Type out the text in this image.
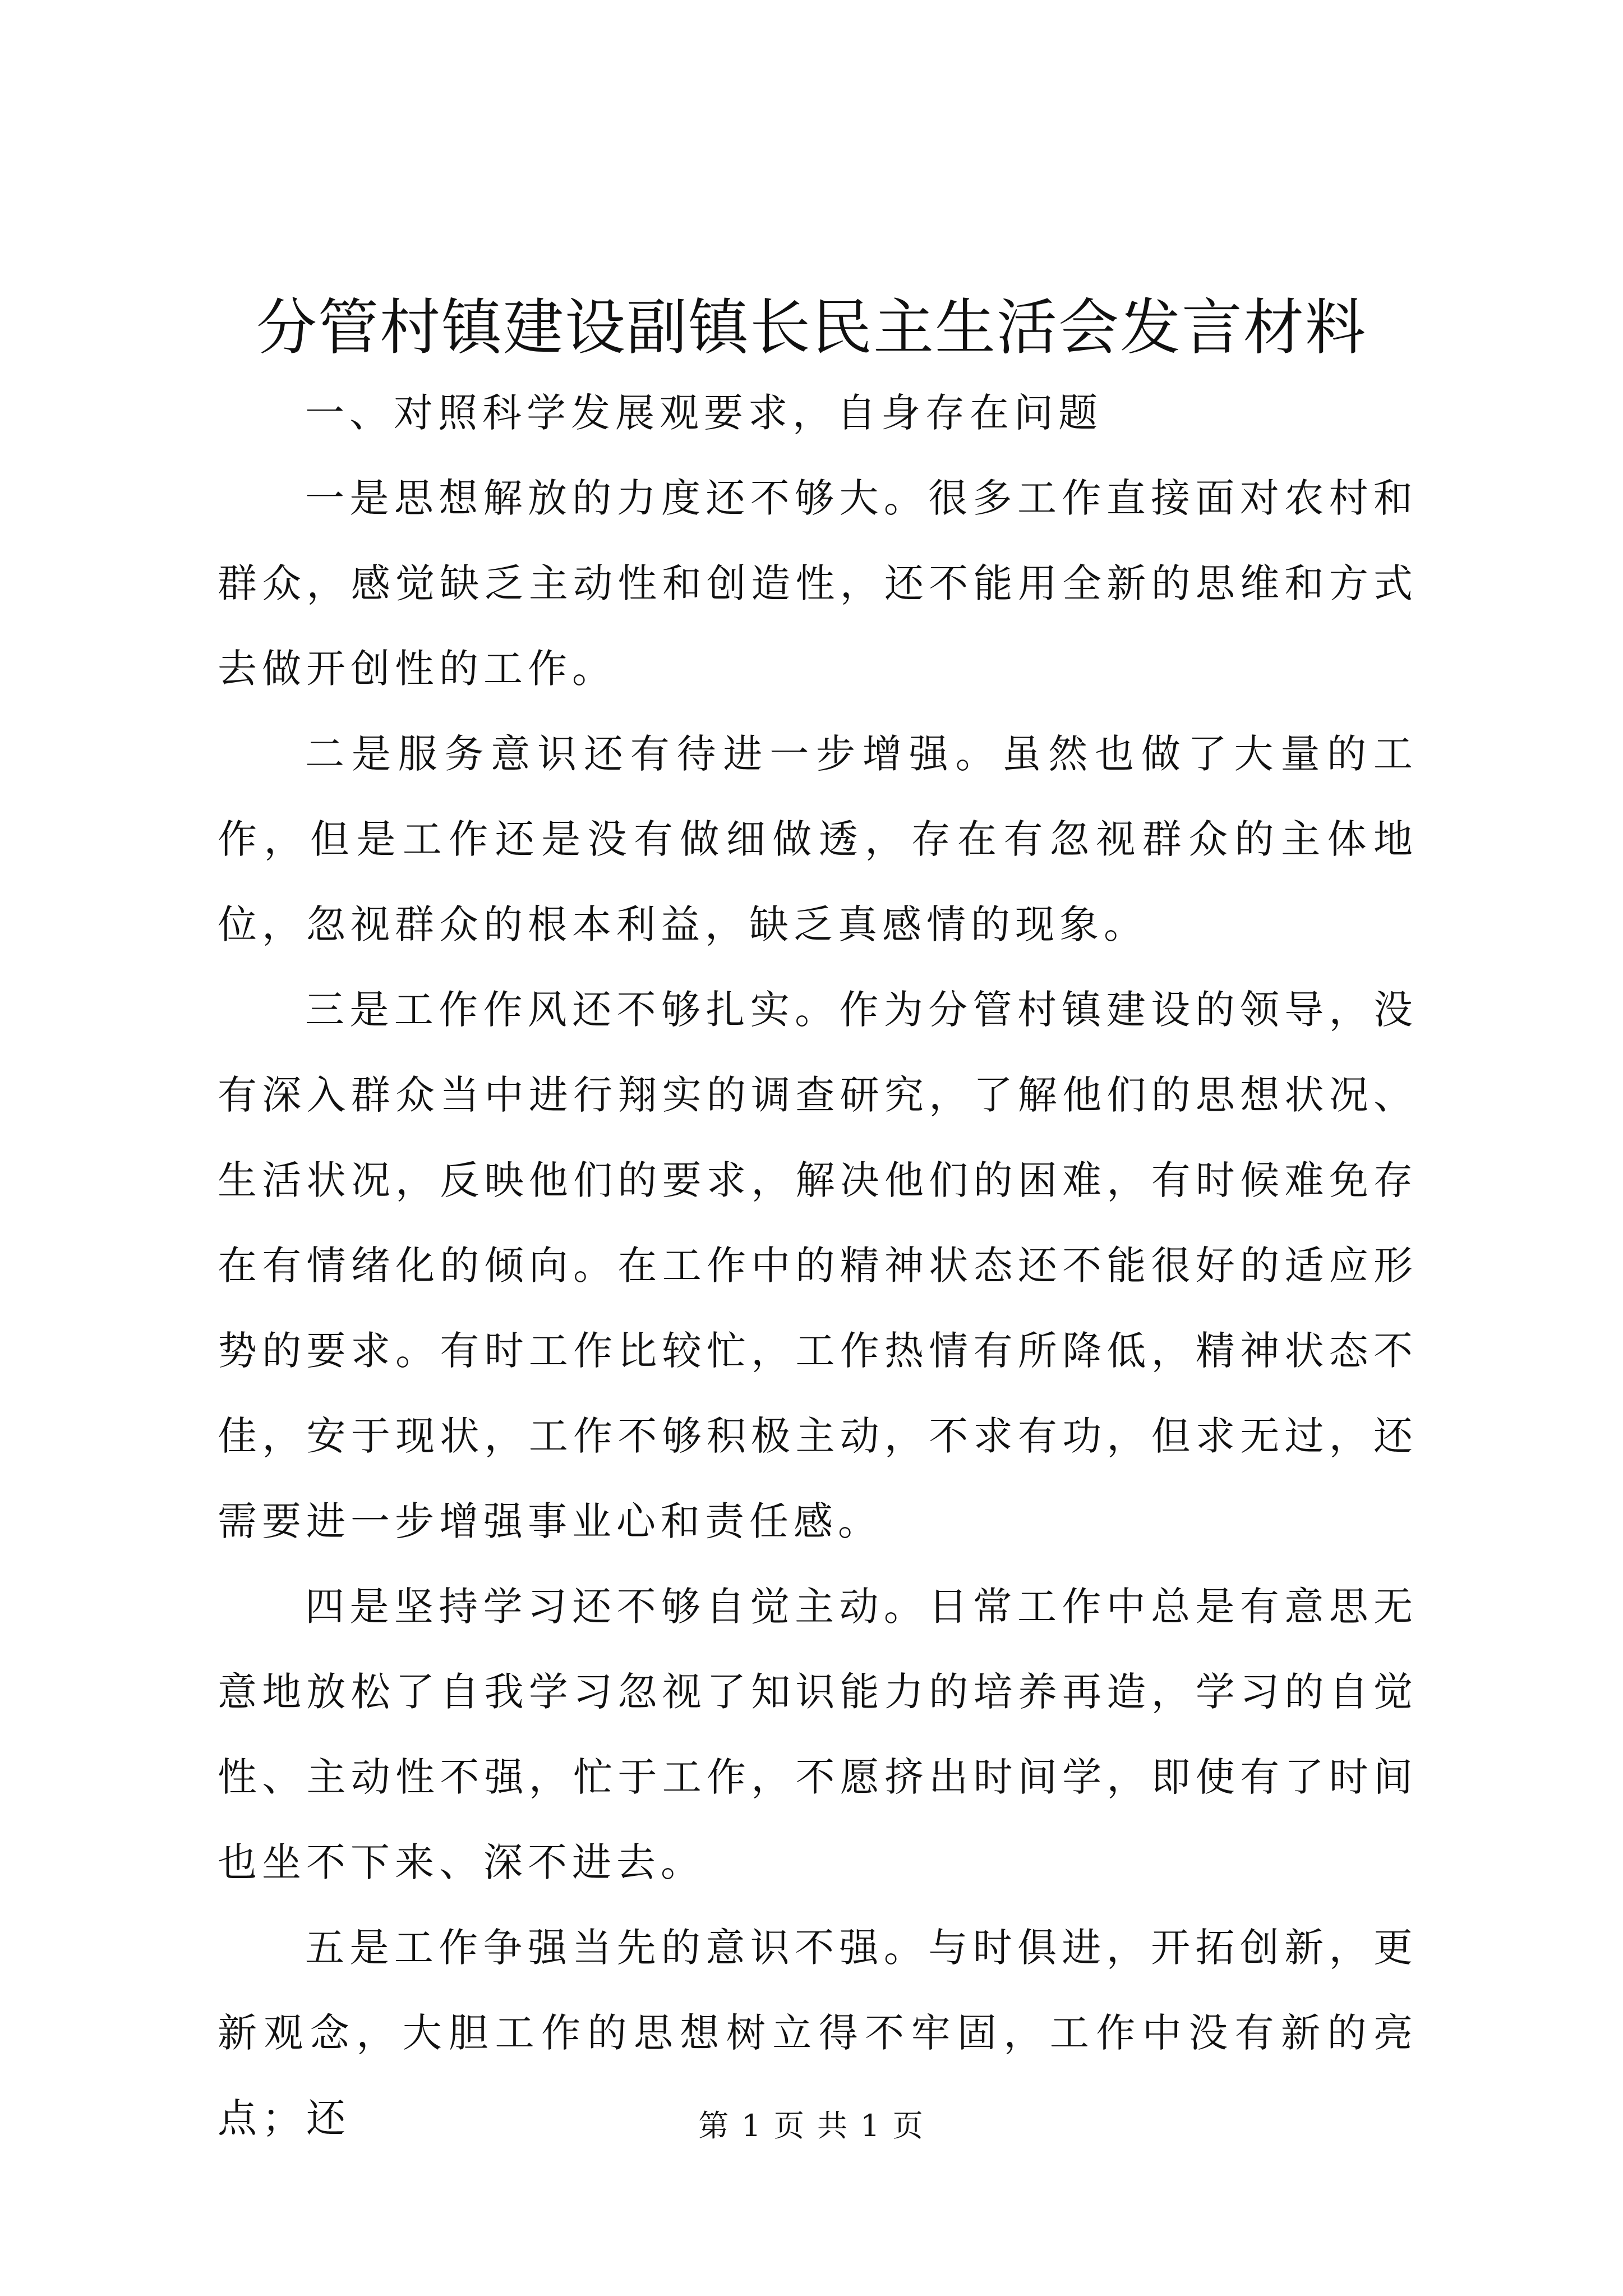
分管村镇建设副镇长民主生活会发言材料

一、对照科学发展观要求，自身存在问题

一是思想解放的力度还不够大。很多工作直接面对农村和群众，感觉缺乏主动性和创造性，还不能用全新的思维和方式去做开创性的工作。

二是服务意识还有待进一步增强。虽然也做了大量的工作，但是工作还是没有做细做透，存在有忽视群众的主体地位，忽视群众的根本利益，缺乏真感情的现象。

三是工作作风还不够扎实。作为分管村镇建设的领导，没有深入群众当中进行翔实的调查研究，了解他们的思想状况、生活状况，反映他们的要求，解决他们的困难，有时候难免存在有情绪化的倾向。在工作中的精神状态还不能很好的适应形势的要求。有时工作比较忙，工作热情有所降低，精神状态不佳，安于现状，工作不够积极主动，不求有功，但求无过，还需要进一步增强事业心和责任感。

四是坚持学习还不够自觉主动。日常工作中总是有意思无意地放松了自我学习忽视了知识能力的培养再造，学习的自觉性、主动性不强，忙于工作，不愿挤出时间学，即使有了时间也坐不下来、深不进去。

五是工作争强当先的意识不强。与时俱进，开拓创新，更新观念，大胆工作的思想树立得不牢固，工作中没有新的亮点；还	第 1 页 共 1 页
